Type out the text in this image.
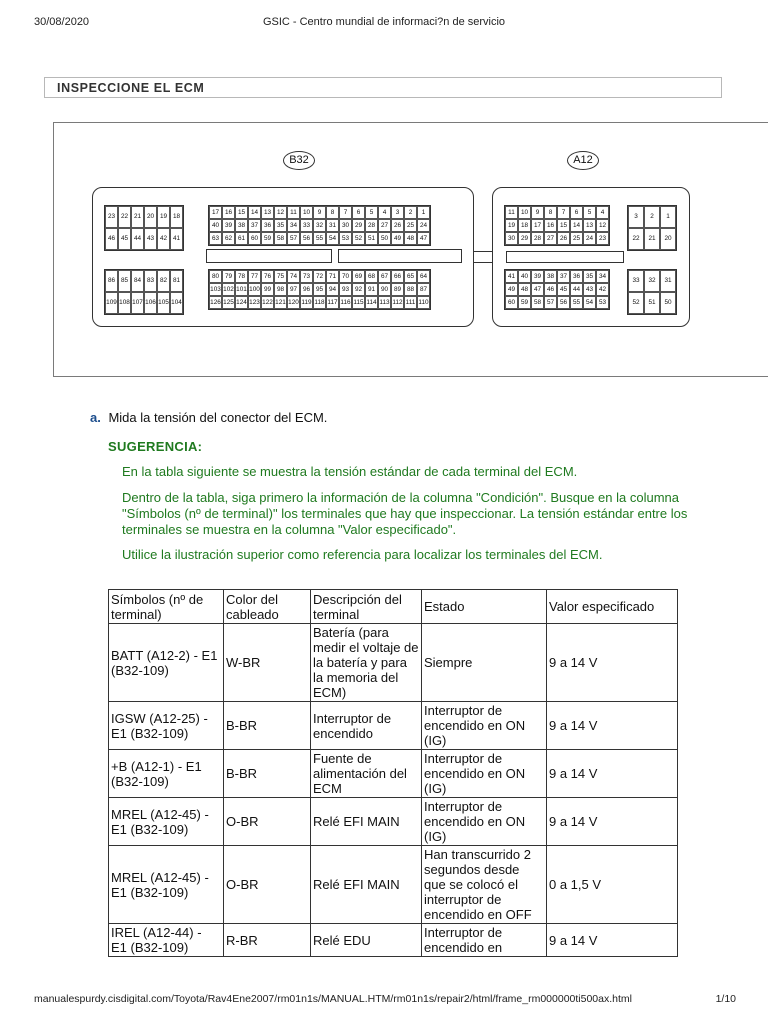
30/08/2020	GSIC - Centro mundial de informaci?n de servicio
INSPECCIONE EL ECM
B32	A12
23 22 21 20 19 18
46 45 44 43 42 41
17 16 15 14 13 12 11 10	9	8	7	6	5	4	3	2	1
40 39 38 37 36 35 34 33 32 31 30 29 28 27 26 25 24
63 62 61 60 59 58 57 56 55 54 53 52 51 50 49 48 47
86 85 84 83 82 81
109 108 107 106 105 104
80 79 78 77 76 75 74 73 72 71 70 69 68 67 66 65 64
103 102 101 100 99 98 97 96 95 94 93 92 91 90 89 88 87
126 125 124 123 122 121 120 119 118 117 116 115 114 113 112 111 110
11 10	9	8	7	6	5	4
19 18 17 16 15 14 13 12
30 29 28 27 26 25 24 23
3	2	1
22	21	20
41 40 39 38 37 36 35 34
49 48 47 46 45 44 43 42
60 59 58 57 56 55 54 53
33	32	31
52	51	50
a. Mida la tensión del conector del ECM.
SUGERENCIA:
En la tabla siguiente se muestra la tensión estándar de cada terminal del ECM.
Dentro de la tabla, siga primero la información de la columna "Condición". Busque en la columna "Símbolos (nº de terminal)" los terminales que hay que inspeccionar. La tensión estándar entre los terminales se muestra en la columna "Valor especificado".
Utilice la ilustración superior como referencia para localizar los terminales del ECM.
Símbolos (nº de terminal)	Color del cableado	Descripción del terminal	Estado	Valor especificado
BATT (A12-2) - E1 (B32-109)	W-BR	Batería (para medir el voltaje de la batería y para la memoria del ECM)	Siempre	9 a 14 V
IGSW (A12-25) - E1 (B32-109)	B-BR	Interruptor de encendido	Interruptor de encendido en ON (IG)	9 a 14 V
+B (A12-1) - E1 (B32-109)	B-BR	Fuente de alimentación del ECM	Interruptor de encendido en ON (IG)	9 a 14 V
MREL (A12-45) - E1 (B32-109)	O-BR	Relé EFI MAIN	Interruptor de encendido en ON (IG)	9 a 14 V
MREL (A12-45) - E1 (B32-109)	O-BR	Relé EFI MAIN	Han transcurrido 2 segundos desde que se colocó el interruptor de encendido en OFF	0 a 1,5 V
IREL (A12-44) - E1 (B32-109)	R-BR	Relé EDU	Interruptor de encendido en	9 a 14 V
manualespurdy.cisdigital.com/Toyota/Rav4Ene2007/rm01n1s/MANUAL.HTM/rm01n1s/repair2/html/frame_rm000000ti500ax.html	1/10
